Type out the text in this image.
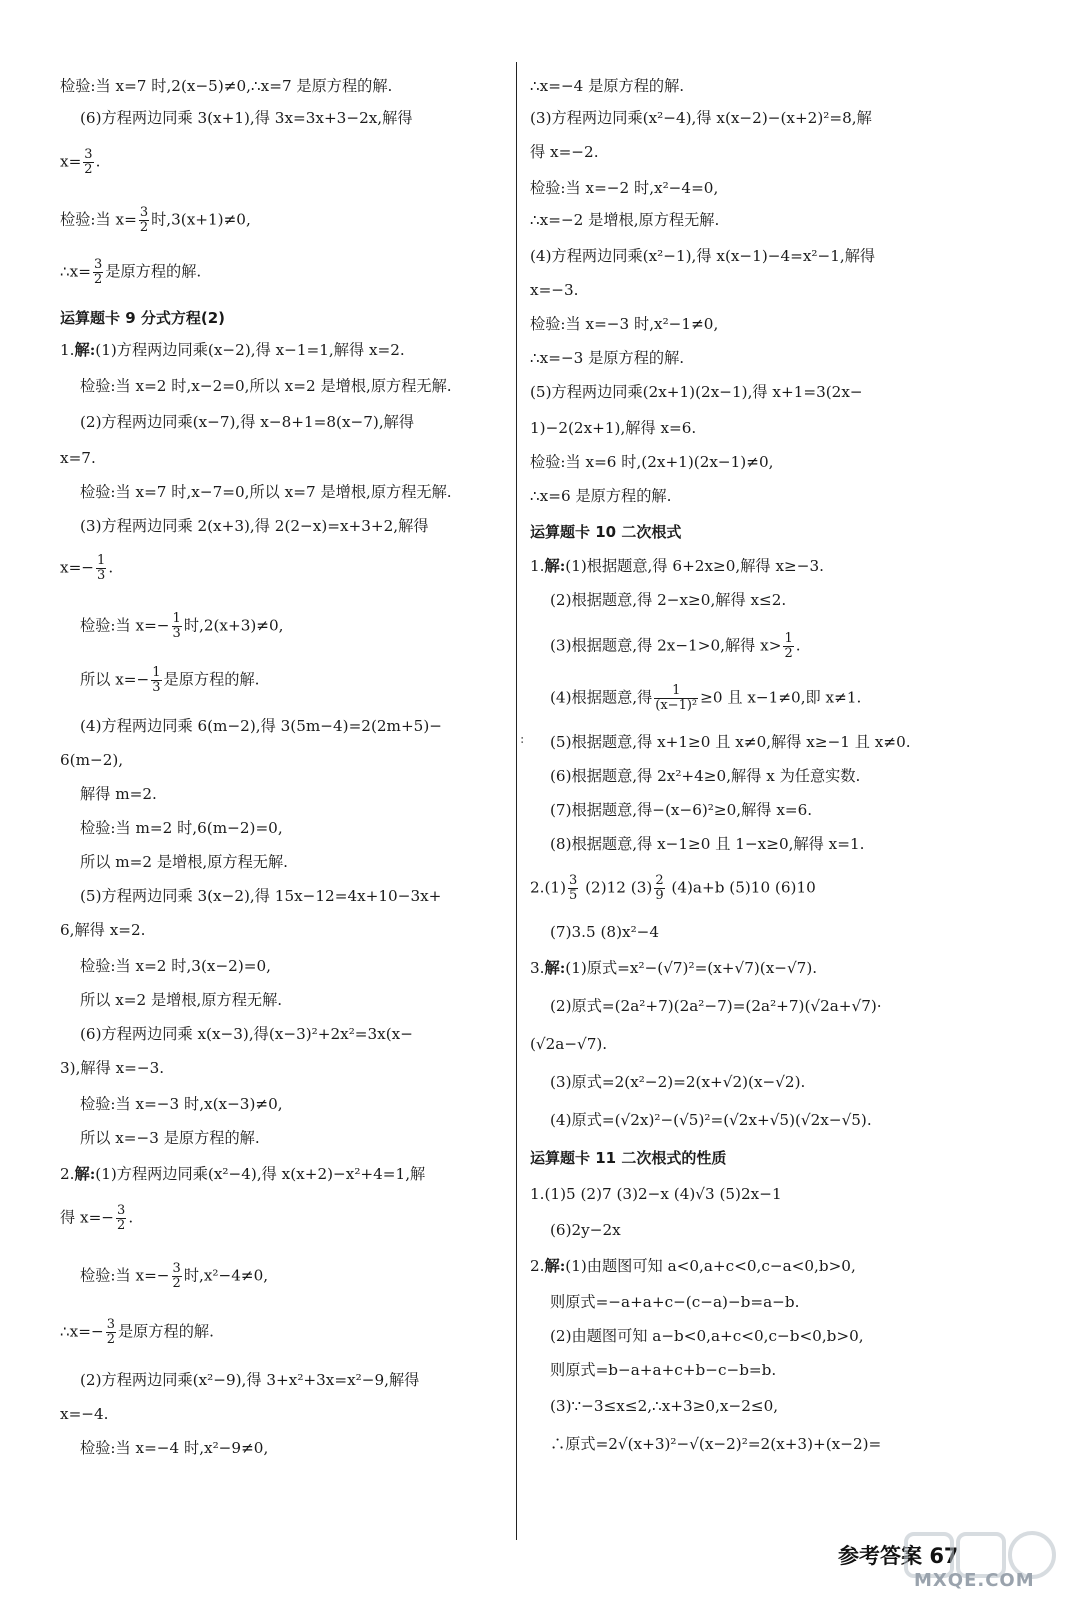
检验:当 x=7 时,2(x−5)≠0,∴x=7 是原方程的解.
(6)方程两边同乘 3(x+1),得 3x=3x+3−2x,解得
$x= \frac{3}{2}$ .
检验:当 $x= \frac{3}{2}$ 时,3(x+1)≠0,
∴x= $\frac{3}{2}$ 是原方程的解.
运算题卡 9 分式方程(2)
1.解:(1)方程两边同乘(x−2),得 x−1=1,解得 x=2.
检验:当 x=2 时,x−2=0,所以 x=2 是增根,原方程无解.
(2)方程两边同乘(x−7),得 x−8+1=8(x−7),解得
x=7.
检验:当 x=7 时,x−7=0,所以 x=7 是增根,原方程无解.
(3)方程两边同乘 2(x+3),得 2(2−x)=x+3+2,解得
$x=- \frac{1}{3}$ .
检验:当 $x=- \frac{1}{3}$ 时,2(x+3)≠0,
所以 $x=- \frac{1}{3}$ 是原方程的解.
(4)方程两边同乘 6(m−2),得 3(5m−4)=2(2m+5)−
6(m−2),
解得 m=2.
检验:当 m=2 时,6(m−2)=0,
所以 m=2 是增根,原方程无解.
(5)方程两边同乘 3(x−2),得 15x−12=4x+10−3x+
6,解得 x=2.
检验:当 x=2 时,3(x−2)=0,
所以 x=2 是增根,原方程无解.
(6)方程两边同乘 x(x−3),得(x−3)²+2x²=3x(x−
3),解得 x=−3.
检验:当 x=−3 时,x(x−3)≠0,
所以 x=−3 是原方程的解.
2.解:(1)方程两边同乘(x²−4),得 x(x+2)−x²+4=1,解
得 $x=- \frac{3}{2}$ .
检验:当 $x=- \frac{3}{2}$ 时,x²−4≠0,
∴x=− $\frac{3}{2}$ 是原方程的解.
(2)方程两边同乘(x²−9),得 3+x²+3x=x²−9,解得
x=−4.
检验:当 x=−4 时,x²−9≠0,
∴x=−4 是原方程的解.
(3)方程两边同乘(x²−4),得 x(x−2)−(x+2)²=8,解
得 x=−2.
检验:当 x=−2 时,x²−4=0,
∴x=−2 是增根,原方程无解.
(4)方程两边同乘(x²−1),得 x(x−1)−4=x²−1,解得
x=−3.
检验:当 x=−3 时,x²−1≠0,
∴x=−3 是原方程的解.
(5)方程两边同乘(2x+1)(2x−1),得 x+1=3(2x−
1)−2(2x+1),解得 x=6.
检验:当 x=6 时,(2x+1)(2x−1)≠0,
∴x=6 是原方程的解.
运算题卡 10 二次根式
1.解:(1)根据题意,得 6+2x≥0,解得 x≥−3.
(2)根据题意,得 2−x≥0,解得 x≤2.
(3)根据题意,得 2x−1>0,解得 $x> \frac{1}{2}$ .
(4)根据题意,得 $\frac{1}{\text{(x−1)²}} \ge 0$ 且 x−1≠0,即 x≠1.
(5)根据题意,得 x+1≥0 且 x≠0,解得 x≥−1 且 x≠0.
(6)根据题意,得 2x²+4≥0,解得 x 为任意实数.
(7)根据题意,得−(x−6)²≥0,解得 x=6.
(8)根据题意,得 x−1≥0 且 1−x≥0,解得 x=1.
$2.(1) \frac{3}{5} (2)12$ $(3) \frac{2}{9} (4)a+b$ (5)10 (6)10
(7)3.5 (8)x²−4
3.解:(1)原式=x²−(√7)²=(x+√7)(x−√7).
(2)原式=(2a²+7)(2a²−7)=(2a²+7)(√2a+√7)·
(√2a−√7).
(3)原式=2(x²−2)=2(x+√2)(x−√2).
(4)原式=(√2x)²−(√5)²=(√2x+√5)(√2x−√5).
运算题卡 11 二次根式的性质
1.(1)5 (2)7 (3)2−x (4)√3 (5)2x−1
(6)2y−2x
2.解:(1)由题图可知 a<0,a+c<0,c−a<0,b>0,
则原式=−a+a+c−(c−a)−b=a−b.
(2)由题图可知 a−b<0,a+c<0,c−b<0,b>0,
则原式=b−a+a+c+b−c−b=b.
(3)∵−3≤x≤2,∴x+3≥0,x−2≤0,
∴原式=2√(x+3)²−√(x−2)²=2(x+3)+(x−2)=
:
参考答案 67
MXQE.COM
